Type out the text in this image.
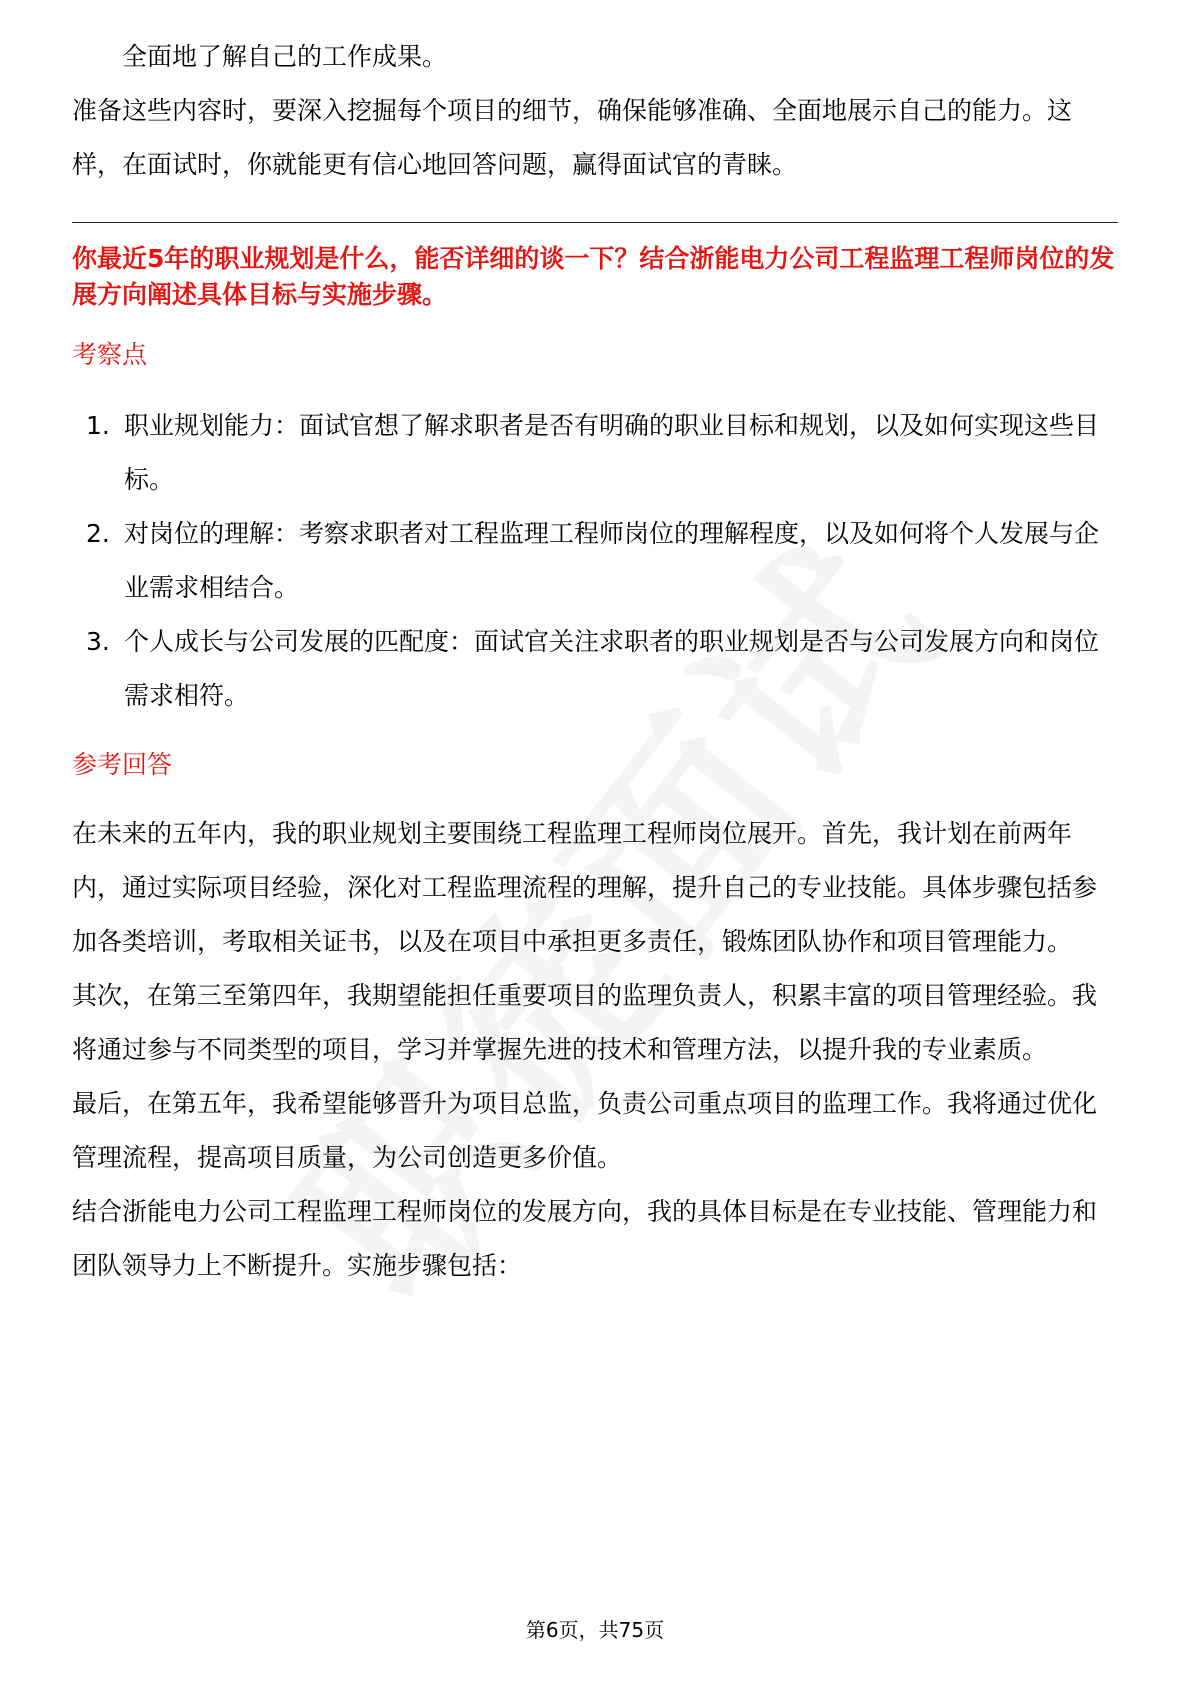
全面地了解自己的工作成果。

准备这些内容时，要深入挖掘每个项目的细节，确保能够准确、全面地展示自己的能力。这样，在面试时，你就能更有信心地回答问题，赢得面试官的青睐。

你最近5年的职业规划是什么，能否详细的谈一下？结合浙能电力公司工程监理工程师岗位的发展方向阐述具体目标与实施步骤。

考察点

1. 职业规划能力：面试官想了解求职者是否有明确的职业目标和规划，以及如何实现这些目标。
2. 对岗位的理解：考察求职者对工程监理工程师岗位的理解程度，以及如何将个人发展与企业需求相结合。
3. 个人成长与公司发展的匹配度：面试官关注求职者的职业规划是否与公司发展方向和岗位需求相符。

参考回答

在未来的五年内，我的职业规划主要围绕工程监理工程师岗位展开。首先，我计划在前两年内，通过实际项目经验，深化对工程监理流程的理解，提升自己的专业技能。具体步骤包括参加各类培训，考取相关证书，以及在项目中承担更多责任，锻炼团队协作和项目管理能力。

其次，在第三至第四年，我期望能担任重要项目的监理负责人，积累丰富的项目管理经验。我将通过参与不同类型的项目，学习并掌握先进的技术和管理方法，以提升我的专业素质。

最后，在第五年，我希望能够晋升为项目总监，负责公司重点项目的监理工作。我将通过优化管理流程，提高项目质量，为公司创造更多价值。

结合浙能电力公司工程监理工程师岗位的发展方向，我的具体目标是在专业技能、管理能力和团队领导力上不断提升。实施步骤包括：

第6页，共75页
